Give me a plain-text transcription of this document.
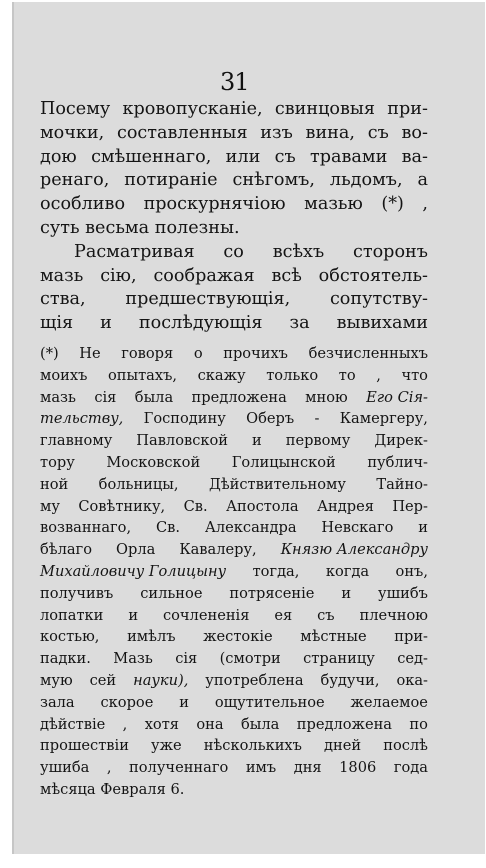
31
Посему кровопусканіе, свинцовыя при-
мочки, составленныя изъ вина, съ во-
дою смѣшеннаго, или съ травами ва-
ренаго, потираніе снѣгомъ, льдомъ, а
особливо проскурнячiою мазью (*) ,
суть весьма полезны.
Расматривая со всѣхъ сторонъ
мазь сію, соображая всѣ обстоятель-
ства, предшествующія, сопутству-
щія и послѣдующія за вывихами
(*) Не говоря о прочихъ безчисленныхъ
моихъ опытахъ, скажу только то , что
мазь сія была предложена мною Его Сія-
тельству, Господину Оберъ - Камергеру,
главному Павловской и первому Дирек-
тору Московской Голицынской публич-
ной больницы, Дѣйствительному Тайно-
му Совѣтнику, Св. Апостола Андрея Пер-
возваннаго, Св. Александра Невскаго и
бѣлаго Орла Кавалеру, Князю Александру
Михайловичу Голицыну тогда, когда онъ,
получивъ сильное потрясеніе и ушибъ
лопатки и сочлененія ея съ плечною
костью, имѣлъ жестокіе мѣстные при-
падки. Мазь сія (смотри страницу сед-
мую сей науки), употреблена будучи, ока-
зала скорое и ощутительное желаемое
дѣйствіе , хотя она была предложена по
прошествіи уже нѣсколькихъ дней послѣ
ушиба , полученнаго имъ дня 1806 года
мѣсяца Февраля 6.
